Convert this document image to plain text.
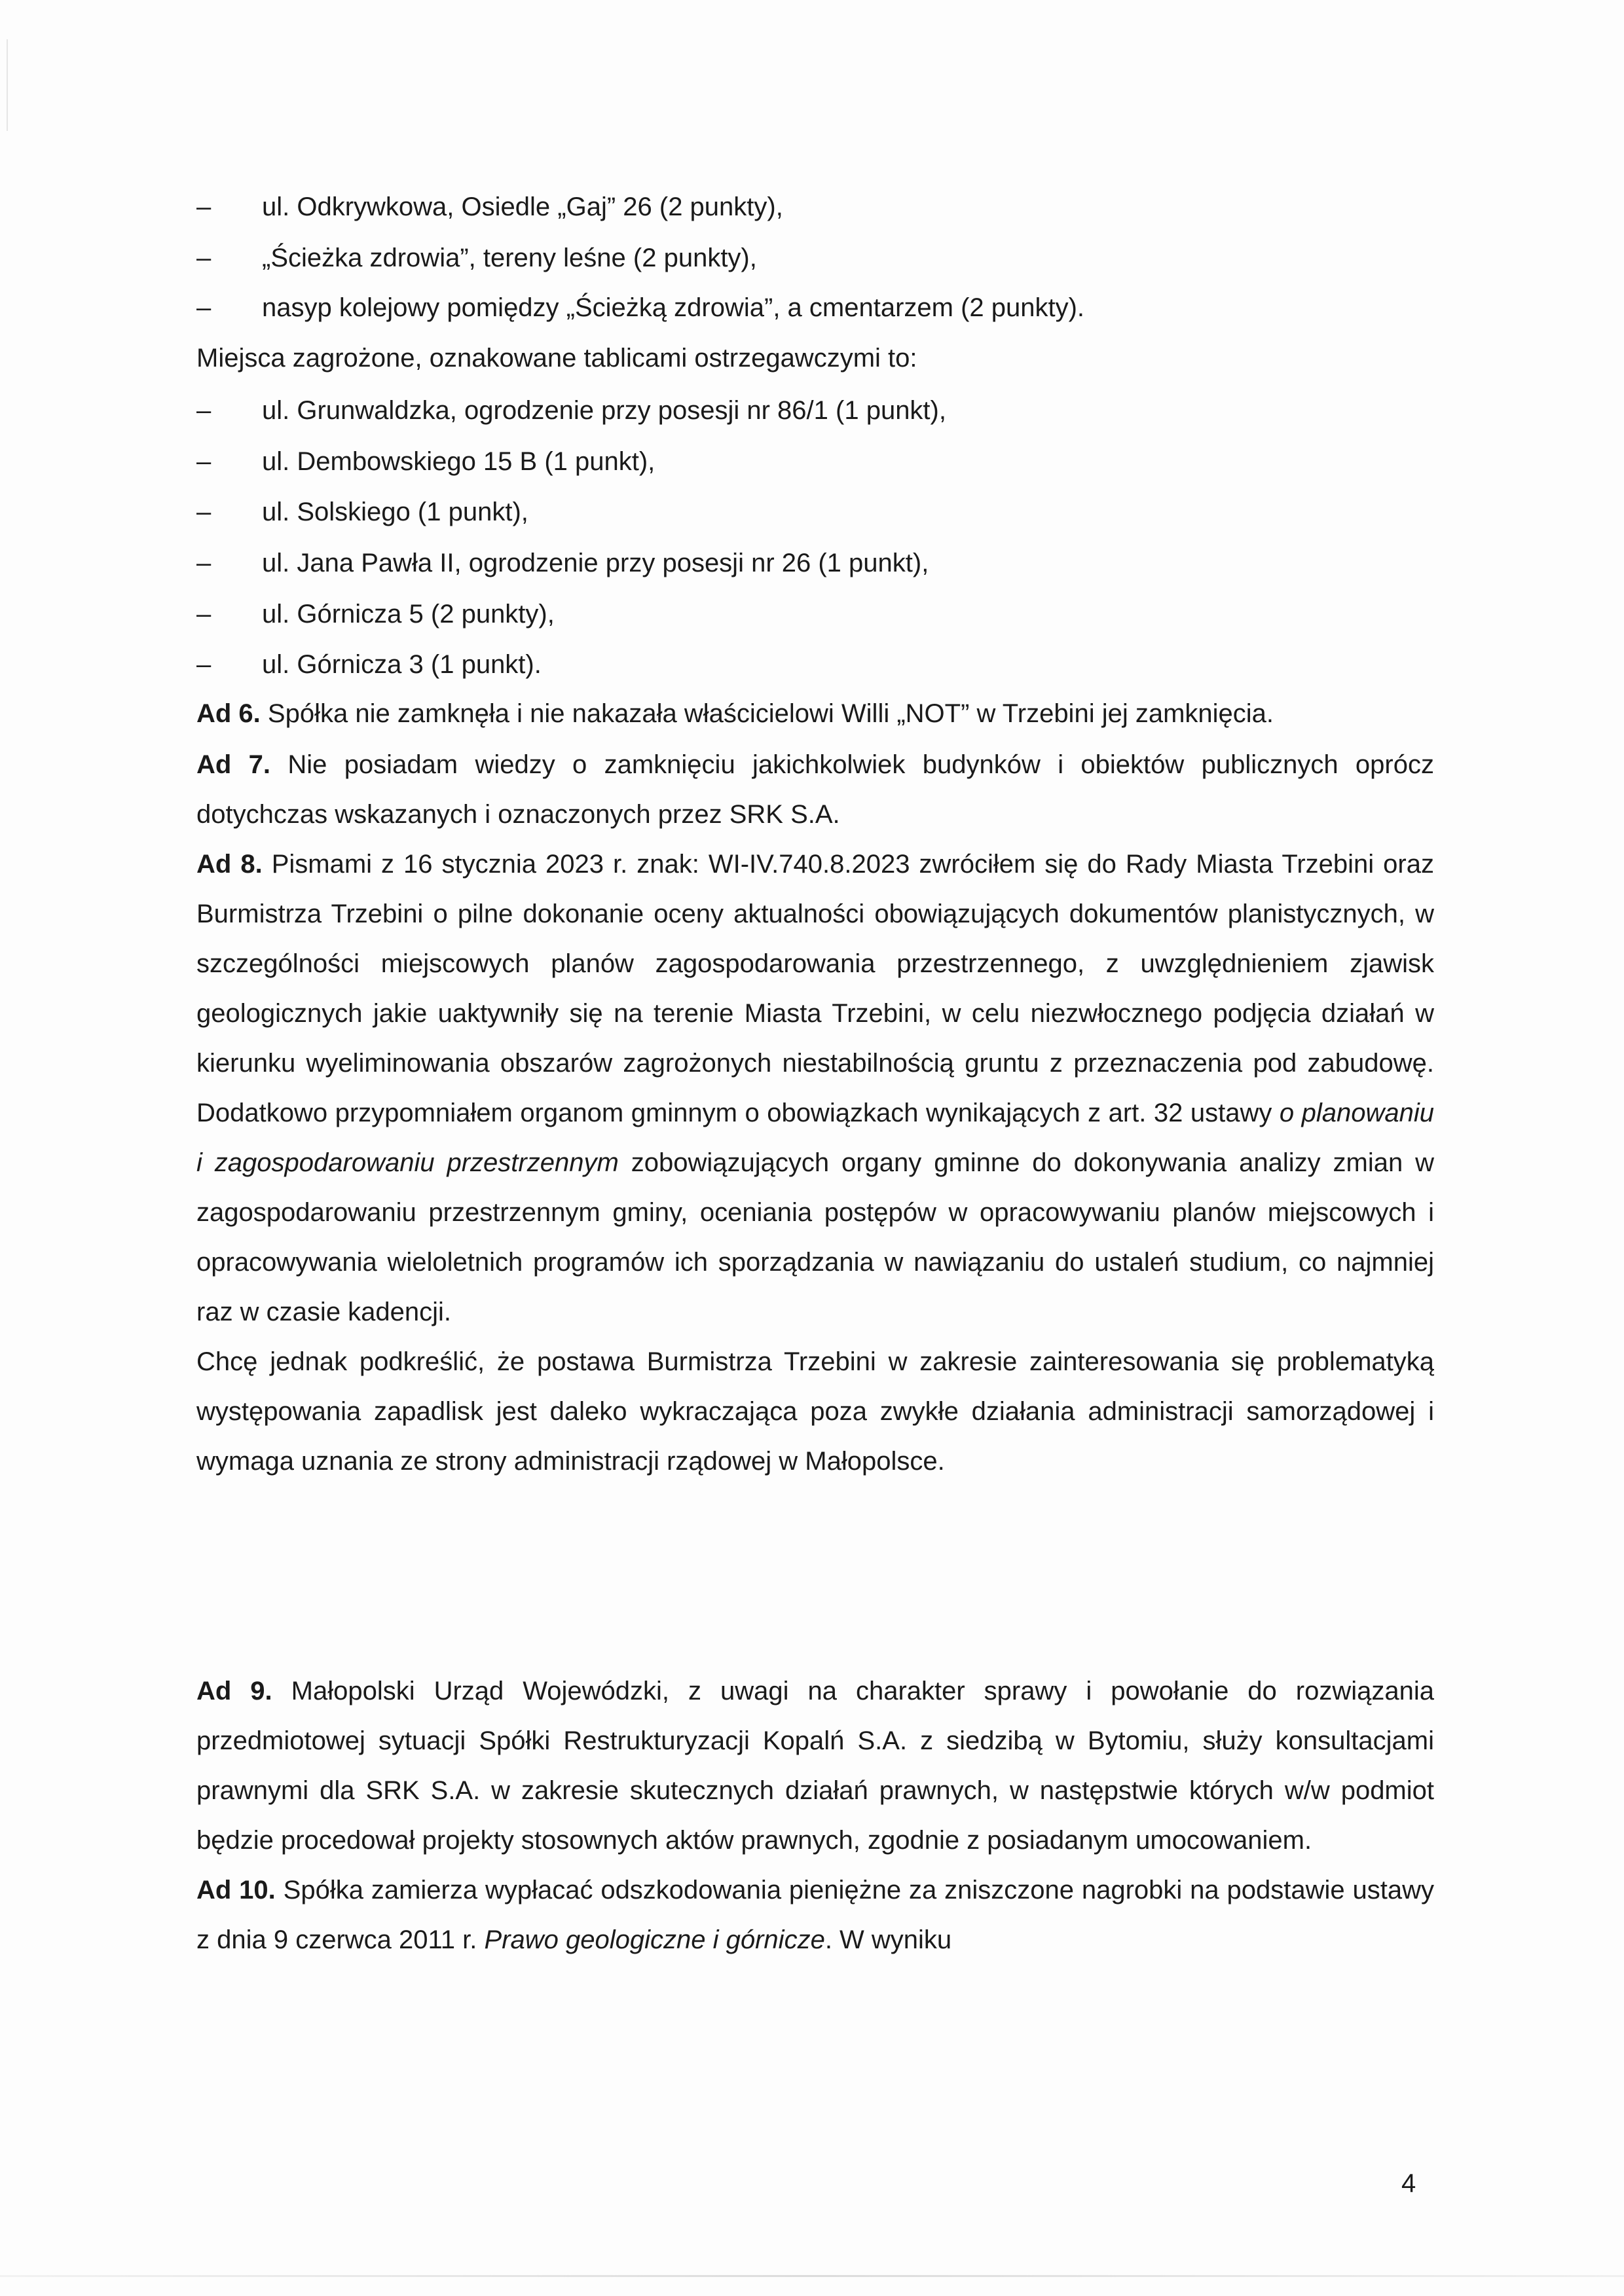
– ul. Odkrywkowa, Osiedle „Gaj” 26 (2 punkty),
– „Ścieżka zdrowia”, tereny leśne (2 punkty),
– nasyp kolejowy pomiędzy „Ścieżką zdrowia”, a cmentarzem (2 punkty).
Miejsca zagrożone, oznakowane tablicami ostrzegawczymi to:
– ul. Grunwaldzka, ogrodzenie przy posesji nr 86/1 (1 punkt),
– ul. Dembowskiego 15 B (1 punkt),
– ul. Solskiego (1 punkt),
– ul. Jana Pawła II, ogrodzenie przy posesji nr 26 (1 punkt),
– ul. Górnicza 5 (2 punkty),
– ul. Górnicza 3 (1 punkt).
Ad 6. Spółka nie zamknęła i nie nakazała właścicielowi Willi „NOT” w Trzebini jej zamknięcia.

Ad 7. Nie posiadam wiedzy o zamknięciu jakichkolwiek budynków i obiektów publicznych oprócz dotychczas wskazanych i oznaczonych przez SRK S.A.

Ad 8. Pismami z 16 stycznia 2023 r. znak: WI-IV.740.8.2023 zwróciłem się do Rady Miasta Trzebini oraz Burmistrza Trzebini o pilne dokonanie oceny aktualności obowiązujących dokumentów planistycznych, w szczególności miejscowych planów zagospodarowania przestrzennego, z uwzględnieniem zjawisk geologicznych jakie uaktywniły się na terenie Miasta Trzebini, w celu niezwłocznego podjęcia działań w kierunku wyeliminowania obszarów zagrożonych niestabilnością gruntu z przeznaczenia pod zabudowę. Dodatkowo przypomniałem organom gminnym o obowiązkach wynikających z art. 32 ustawy o planowaniu i zagospodarowaniu przestrzennym zobowiązujących organy gminne do dokonywania analizy zmian w zagospodarowaniu przestrzennym gminy, oceniania postępów w opracowywaniu planów miejscowych i opracowywania wieloletnich programów ich sporządzania w nawiązaniu do ustaleń studium, co najmniej raz w czasie kadencji.

Chcę jednak podkreślić, że postawa Burmistrza Trzebini w zakresie zainteresowania się problematyką występowania zapadlisk jest daleko wykraczająca poza zwykłe działania administracji samorządowej i wymaga uznania ze strony administracji rządowej w Małopolsce.

Ad 9. Małopolski Urząd Wojewódzki, z uwagi na charakter sprawy i powołanie do rozwiązania przedmiotowej sytuacji Spółki Restrukturyzacji Kopalń S.A. z siedzibą w Bytomiu, służy konsultacjami prawnymi dla SRK S.A. w zakresie skutecznych działań prawnych, w następstwie których w/w podmiot będzie procedował projekty stosownych aktów prawnych, zgodnie z posiadanym umocowaniem.

Ad 10. Spółka zamierza wypłacać odszkodowania pieniężne za zniszczone nagrobki na podstawie ustawy z dnia 9 czerwca 2011 r. Prawo geologiczne i górnicze. W wyniku

4
